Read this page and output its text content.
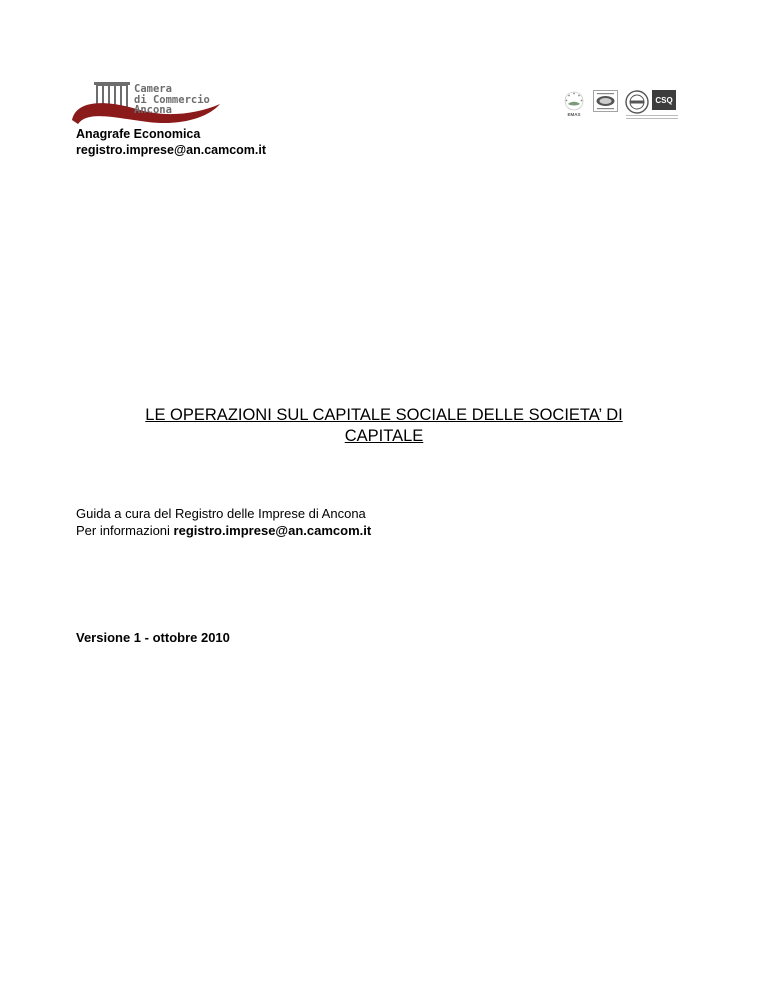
Camera
di Commercio
Ancona	EMAS
CSQ
Anagrafe Economica
registro.imprese@an.camcom.it
LE OPERAZIONI SUL CAPITALE SOCIALE DELLE SOCIETA’ DI
CAPITALE
Guida a cura del Registro delle Imprese di Ancona
Per informazioni registro.imprese@an.camcom.it
Versione 1 - ottobre 2010
